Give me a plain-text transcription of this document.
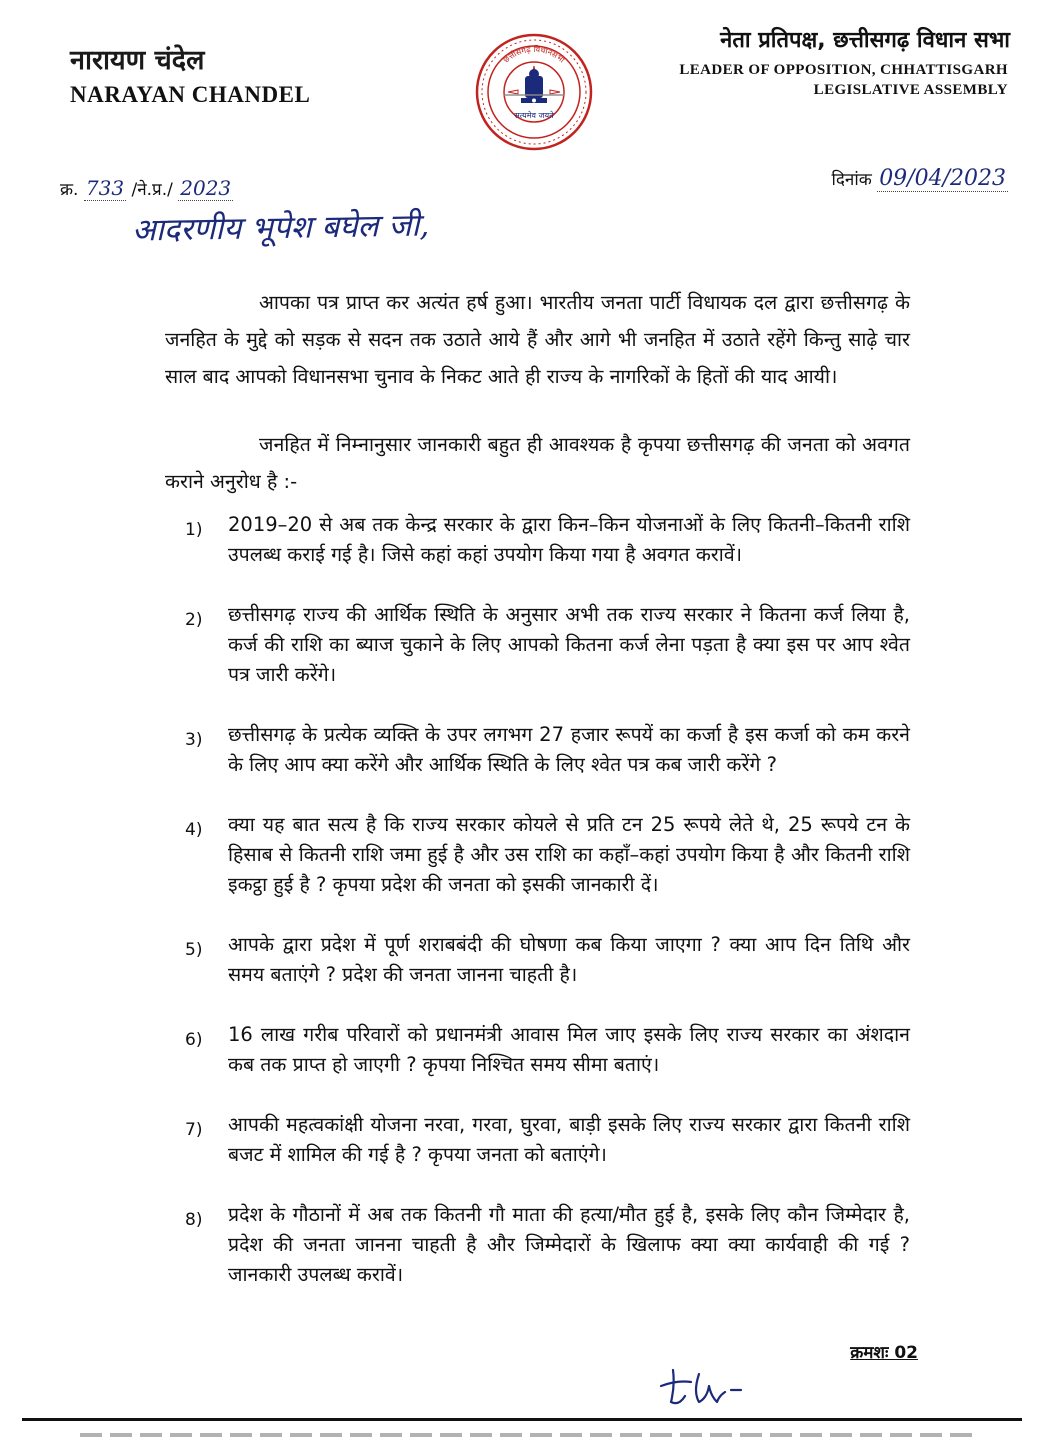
नारायण चंदेल
NARAYAN CHANDEL
छत्तीसगढ़ विधानसभा
सत्यमेव जयते
नेता प्रतिपक्ष, छत्तीसगढ़ विधान सभा
LEADER OF OPPOSITION, CHHATTISGARH
LEGISLATIVE ASSEMBLY
क्र. 733 /ने.प्र./ 2023	दिनांक 09/04/2023
आदरणीय भूपेश बघेल जी,
आपका पत्र प्राप्त कर अत्यंत हर्ष हुआ। भारतीय जनता पार्टी विधायक दल द्वारा छत्तीसगढ़ के जनहित के मुद्दे को सड़क से सदन तक उठाते आये हैं और आगे भी जनहित में उठाते रहेंगे किन्तु साढ़े चार साल बाद आपको विधानसभा चुनाव के निकट आते ही राज्य के नागरिकों के हितों की याद आयी।
जनहित में निम्नानुसार जानकारी बहुत ही आवश्यक है कृपया छत्तीसगढ़ की जनता को अवगत कराने अनुरोध है :-
1)	2019–20 से अब तक केन्द्र सरकार के द्वारा किन–किन योजनाओं के लिए कितनी–कितनी राशि उपलब्ध कराई गई है। जिसे कहां कहां उपयोग किया गया है अवगत करावें।
2)	छत्तीसगढ़ राज्य की आर्थिक स्थिति के अनुसार अभी तक राज्य सरकार ने कितना कर्ज लिया है, कर्ज की राशि का ब्याज चुकाने के लिए आपको कितना कर्ज लेना पड़ता है क्या इस पर आप श्वेत पत्र जारी करेंगे।
3)	छत्तीसगढ़ के प्रत्येक व्यक्ति के उपर लगभग 27 हजार रूपयें का कर्जा है इस कर्जा को कम करने के लिए आप क्या करेंगे और आर्थिक स्थिति के लिए श्वेत पत्र कब जारी करेंगे ?
4)	क्या यह बात सत्य है कि राज्य सरकार कोयले से प्रति टन 25 रूपये लेते थे, 25 रूपये टन के हिसाब से कितनी राशि जमा हुई है और उस राशि का कहाँ–कहां उपयोग किया है और कितनी राशि इकट्ठा हुई है ? कृपया प्रदेश की जनता को इसकी जानकारी दें।
5)	आपके द्वारा प्रदेश में पूर्ण शराबबंदी की घोषणा कब किया जाएगा ? क्या आप दिन तिथि और समय बताएंगे ? प्रदेश की जनता जानना चाहती है।
6)	16 लाख गरीब परिवारों को प्रधानमंत्री आवास मिल जाए इसके लिए राज्य सरकार का अंशदान कब तक प्राप्त हो जाएगी ? कृपया निश्चित समय सीमा बताएं।
7)	आपकी महत्वकांक्षी योजना नरवा, गरवा, घुरवा, बाड़ी इसके लिए राज्य सरकार द्वारा कितनी राशि बजट में शामिल की गई है ? कृपया जनता को बताएंगे।
8)	प्रदेश के गौठानों में अब तक कितनी गौ माता की हत्या/मौत हुई है, इसके लिए कौन जिम्मेदार है, प्रदेश की जनता जानना चाहती है और जिम्मेदारों के खिलाफ क्या क्या कार्यवाही की गई ? जानकारी उपलब्ध करावें।
क्रमशः 02
